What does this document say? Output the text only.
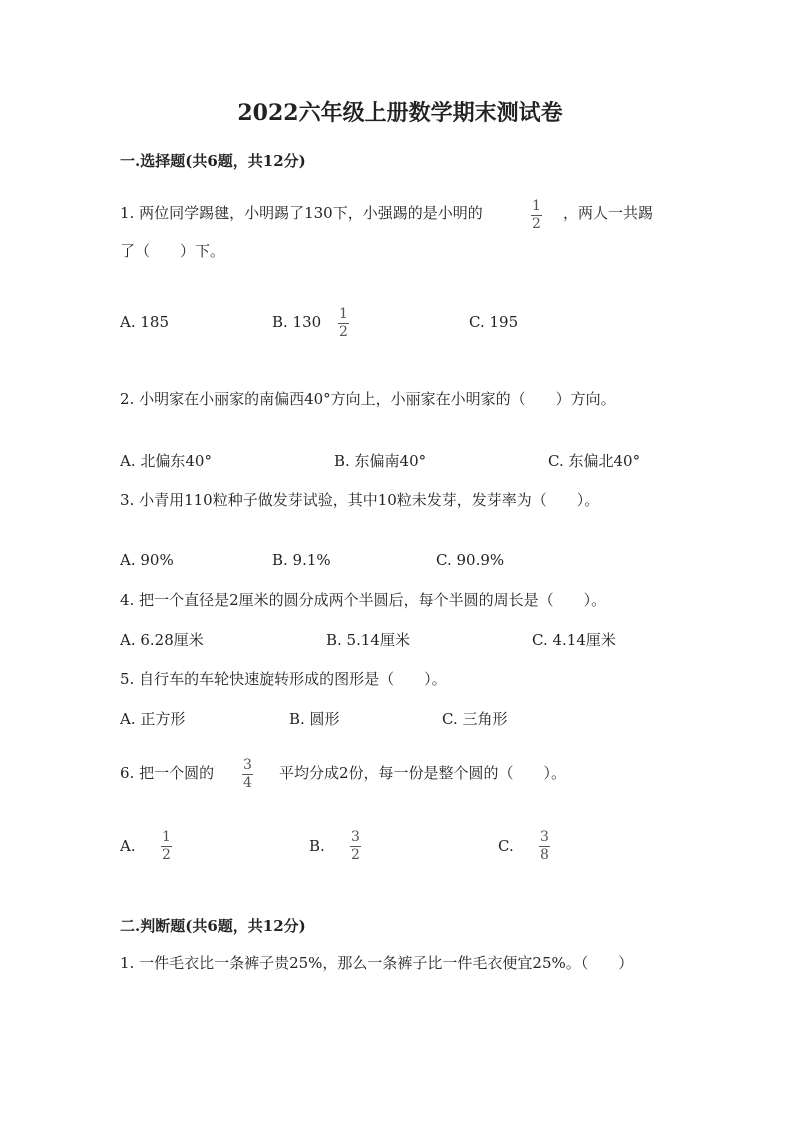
2022六年级上册数学期末测试卷
一.选择题(共6题，共12分)
1. 两位同学踢毽，小明踢了130下，小强踢的是小明的	1
2
，两人一共踢
了（　　）下。
A. 185	B. 130 1
2
C. 195
2. 小明家在小丽家的南偏西40°方向上，小丽家在小明家的（　　）方向。
A. 北偏东40°	B. 东偏南40°	C. 东偏北40°
3. 小青用110粒种子做发芽试验，其中10粒未发芽，发芽率为（　　）。
A. 90%	B. 9.1%	C. 90.9%
4. 把一个直径是2厘米的圆分成两个半圆后，每个半圆的周长是（　　）。
A. 6.28厘米	B. 5.14厘米	C. 4.14厘米
5. 自行车的车轮快速旋转形成的图形是（　　）。
A. 正方形	B. 圆形	C. 三角形
6. 把一个圆的 3
4
平均分成2份，每一份是整个圆的（　　）。
A. 1
2	B. 3
2	C. 3
8
二.判断题(共6题，共12分)
1. 一件毛衣比一条裤子贵25%，那么一条裤子比一件毛衣便宜25%。（　　）
